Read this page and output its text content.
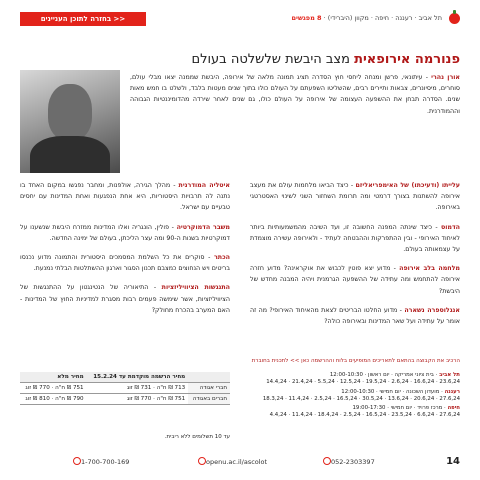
תל אביב · רעננה · חיפה · מקוון (היברידי) · 8 מפגשים
<< בחזרה לתוכן העניינים
פנורמה אירופאית מצב היבשת שלשלטה בעולם
אורן נהרי - עיתונאי, פרשן ומנחה ליחסי חוץ הסדרה תציג תמונה מלאה של אירופה, היבשת שממנה יצאו מבלי עולם, סוחרים, מיסיונרים, צבאות ותיירים רבים, שהשליטו השפעתם על העולם כולו בתוך שנים מעטות בלבד, ולשלט בו חמש מאות שנים. הסדרה תבחן את ההשפעה העצומה של אירופה על העולם כולו, גם שנים לאחר שירדה מהדומיננטיות הגבוהה וההמודרנית.

עלייתו (ודעיכתו) של האימפריאליזם - כיצד הביאו מלחמות עולם את מעצב אירופה להשתנות בצורך דרמטי ומה תרומת השחזור השני לשינוי האסטרטגי באירופה.

הדמוס - כיצד שינתה המפנה החשובה זו, ועד השיבה מהמשמעותיות ביותר לאיחוד האירופי - ובין ההתפרקות וההבטחה לעתיד - ולאירופה עשירה מוצמדת על עצמאותה בעולם.

מלחמה בלב אירופה - מדוע יצא פוטין לכבוש את אוקראינה? מדוע חזרה אירופה להתחמש ומה עתידה של ההשפעה הגרמנית ויהיה המבנה מחדש של היבשת?

אנגלוספרה נשארה - מדוע החלטו הבריטים לצאת מהאיחוד האירופי? מה זה אומר על עתידה ועל שאר המדינות ובאירופה כולה?

איטליה המודרנית - מהלך הגירה, אולפנות, ומחבר נפגשו במקום האחד בו נתנה לה תרבויות היסטוריות, היא אחת הנפגעות ואחת המדינות עם יחסים טבעיים עם ישראל.

משבר הדמוקרטיה - פולין, הונגריה ואלו המדינות ממזרח היבשת שנשענו על דמוקרטיות בשנות ה-90 ומה עצר הליכתן, בעולם של ימינה החדשה.

הכתר - סוקרים את כל השלמת המסמכים היסטורית והתמונה מדוע נכנסו בריטים ויש הנחוצים כמצבם תכנון הסגור וארגון ההשתלטות הבלתי נמנעת.

התנגשות הציוויליזציות - התיאוריה של הנטינגטון על ההתנגשות של הציוויליזציות, אשר שימשה פעמים רבות מסגרת למדיניות החוץ של המדינות - האם המערב בהכרח מחולק?

הרכיב את הקבוצה בהתאם לתאריכים המופיעים בלוח וההרשמה כאן >> לתכנית בחוברת
תל אביב · בית ציוני אמריקה · יום ראשון · 12:00-10:30
23.6,24 · 16.6,24 · 2.6,24 · 19.5,24 · 12.5,24 · 5.5,24 · 21.4,24 · 14.4,24
רעננה · מועדון השכונה · יום חמישי · 12:00-10:30
27.6,24 · 20.6,24 · 13.6,24 · 30.5,24 · 16.5,24 · 2.5,24 · 11.4,24 · 18.3,24
חיפה · מרכז פרויד · יום חמישי · 19:00-17:30
27.6,24 · 6.6,24 · 23.5,24 · 16.5,24 · 2.5,24 · 18.4,24 · 11.4,24 · 4.4,24
	מחיר הרשמה מוקדמת עד 15.2.24	מחיר מלא
חברי אגודה	713 ₪ ח"ה · 731 ₪ זוג	751 ₪ ח"ה · 770 ₪ זוג
חברים באגודה	751 ₪ ח"ה · 770 ₪ זוג	790 ₪ ח"ה · 810 ₪ זוג
עד 10 תשלומים ללא ריבית.
14
052-2303397
openu.ac.il/ascolot
1-700-700-169
